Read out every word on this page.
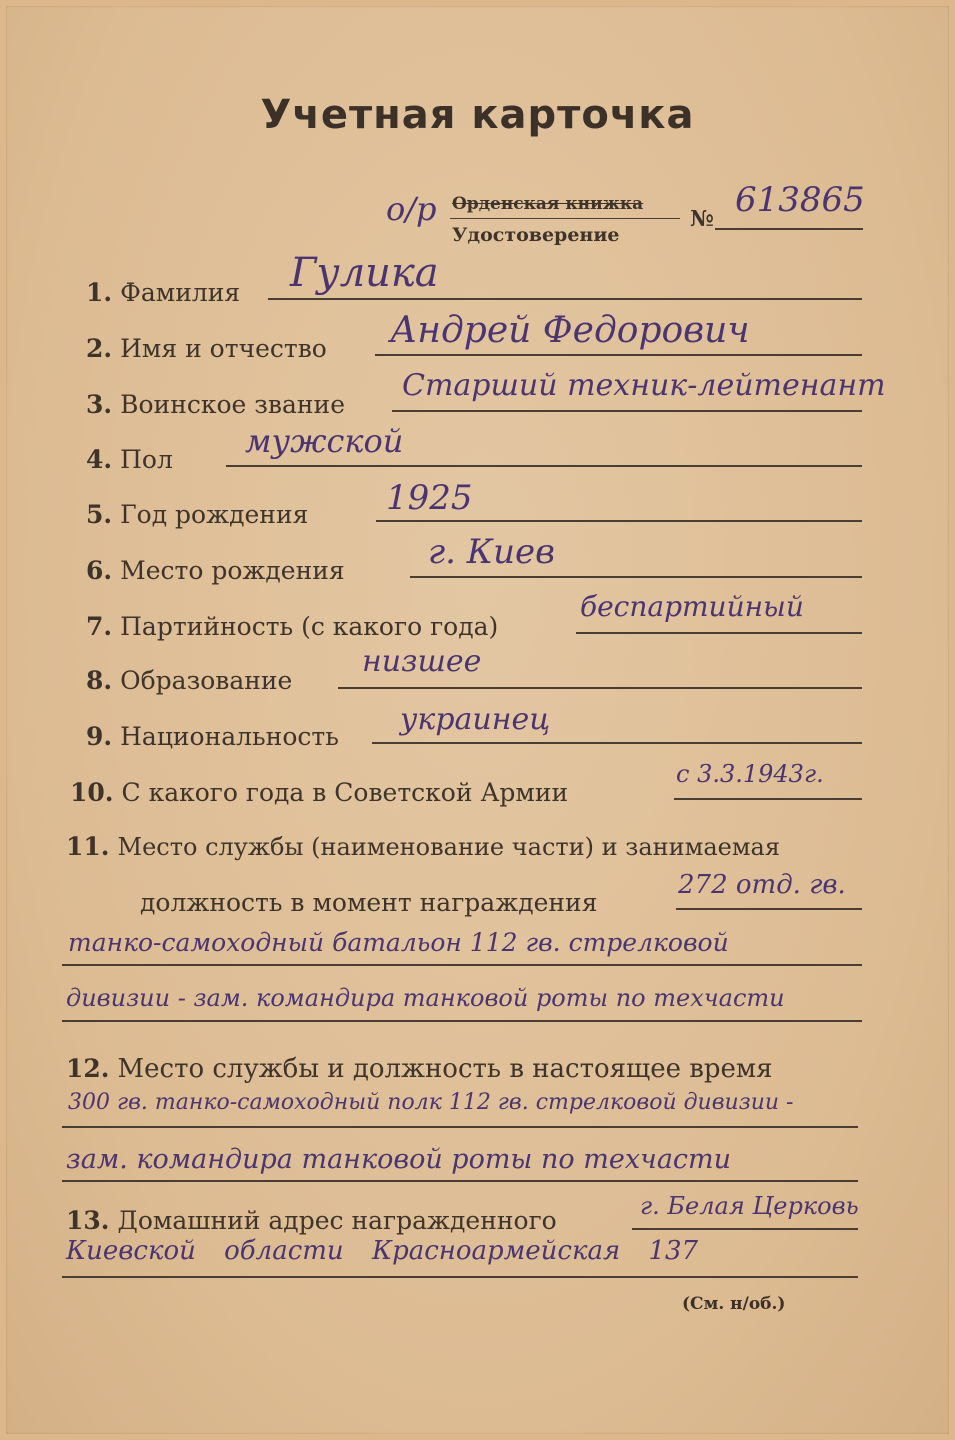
Учетная карточка
о/р Орденская книжка
Удостоверение
№ 613865
1. Фамилия Гулика
2. Имя и отчество Андрей Федорович
3. Воинское звание
Старший техник-лейтенант
4. Пол мужской
5. Год рождения 1925
6. Место рождения г. Киев
7. Партийность (с какого года)
беспартийный
8. Образование
низшее
9. Национальность украинец
10. С какого года в Советской Армии
с 3.3.1943г.
11. Место службы (наименование части) и занимаемая
должность в момент награждения
272 отд. гв.
танко-самоходный батальон 112 гв. стрелковой
дивизии - зам. командира танковой роты по техчасти
12. Место службы и должность в настоящее время
300 гв. танко-самоходный полк 112 гв. стрелковой дивизии -
зам. командира танковой роты по техчасти
13. Домашний адрес награжденного	г. Белая Церковь
Киевской области Красноармейская 137
(См. н/об.)
